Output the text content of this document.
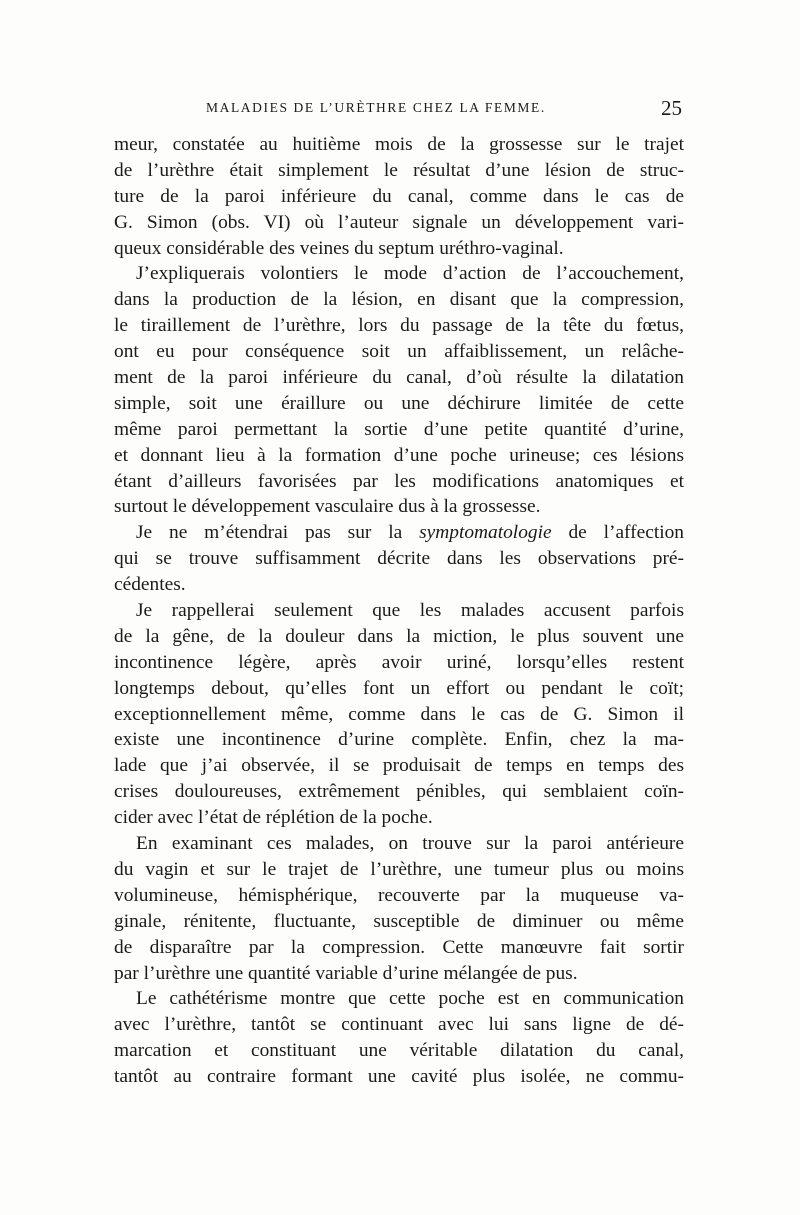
MALADIES DE L’URÈTHRE CHEZ LA FEMME.	25
meur, constatée au huitième mois de la grossesse sur le trajet
de l’urèthre était simplement le résultat d’une lésion de struc-
ture de la paroi inférieure du canal, comme dans le cas de
G. Simon (obs. VI) où l’auteur signale un développement vari-
queux considérable des veines du septum uréthro-vaginal.
J’expliquerais volontiers le mode d’action de l’accouchement,
dans la production de la lésion, en disant que la compression,
le tiraillement de l’urèthre, lors du passage de la tête du fœtus,
ont eu pour conséquence soit un affaiblissement, un relâche-
ment de la paroi inférieure du canal, d’où résulte la dilatation
simple, soit une éraillure ou une déchirure limitée de cette
même paroi permettant la sortie d’une petite quantité d’urine,
et donnant lieu à la formation d’une poche urineuse; ces lésions
étant d’ailleurs favorisées par les modifications anatomiques et
surtout le développement vasculaire dus à la grossesse.
Je ne m’étendrai pas sur la symptomatologie de l’affection
qui se trouve suffisamment décrite dans les observations pré-
cédentes.
Je rappellerai seulement que les malades accusent parfois
de la gêne, de la douleur dans la miction, le plus souvent une
incontinence légère, après avoir uriné, lorsqu’elles restent
longtemps debout, qu’elles font un effort ou pendant le coït;
exceptionnellement même, comme dans le cas de G. Simon il
existe une incontinence d’urine complète. Enfin, chez la ma-
lade que j’ai observée, il se produisait de temps en temps des
crises douloureuses, extrêmement pénibles, qui semblaient coïn-
cider avec l’état de réplétion de la poche.
En examinant ces malades, on trouve sur la paroi antérieure
du vagin et sur le trajet de l’urèthre, une tumeur plus ou moins
volumineuse, hémisphérique, recouverte par la muqueuse va-
ginale, rénitente, fluctuante, susceptible de diminuer ou même
de disparaître par la compression. Cette manœuvre fait sortir
par l’urèthre une quantité variable d’urine mélangée de pus.
Le cathétérisme montre que cette poche est en communication
avec l’urèthre, tantôt se continuant avec lui sans ligne de dé-
marcation et constituant une véritable dilatation du canal,
tantôt au contraire formant une cavité plus isolée, ne commu-
